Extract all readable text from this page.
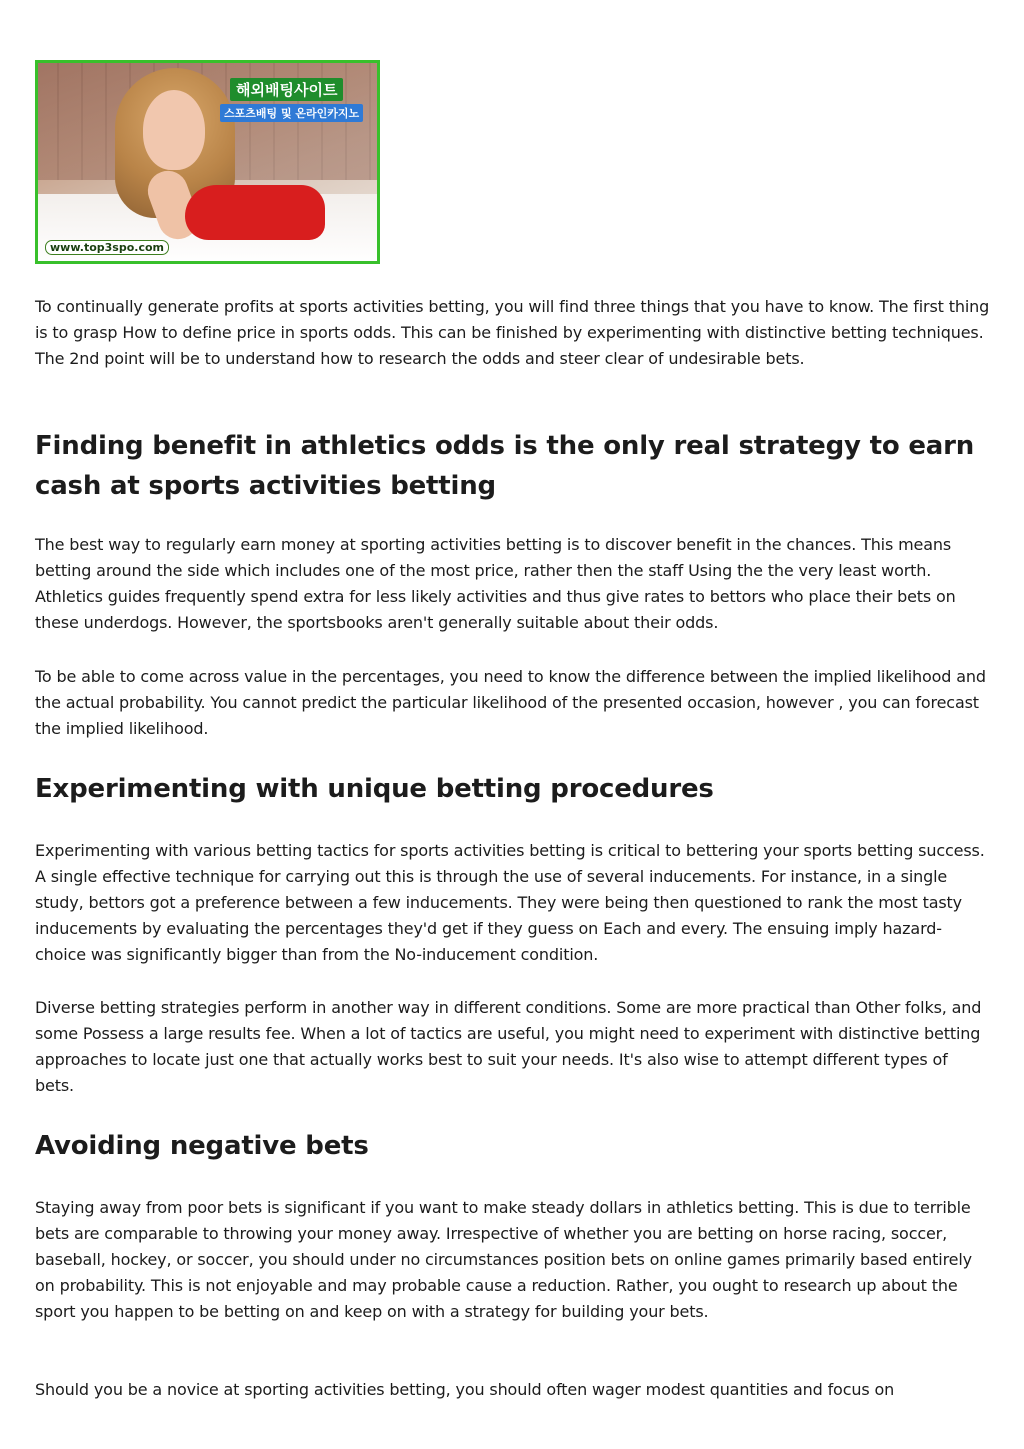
해외배팅사이트
스포츠배팅 및 온라인카지노
www.top3spo.com

To continually generate profits at sports activities betting, you will find three things that you have to know. The first thing is to grasp How to define price in sports odds. This can be finished by experimenting with distinctive betting techniques. The 2nd point will be to understand how to research the odds and steer clear of undesirable bets.

Finding benefit in athletics odds is the only real strategy to earn cash at sports activities betting

The best way to regularly earn money at sporting activities betting is to discover benefit in the chances. This means betting around the side which includes one of the most price, rather then the staff Using the the very least worth. Athletics guides frequently spend extra for less likely activities and thus give rates to bettors who place their bets on these underdogs. However, the sportsbooks aren't generally suitable about their odds.

To be able to come across value in the percentages, you need to know the difference between the implied likelihood and the actual probability. You cannot predict the particular likelihood of the presented occasion, however , you can forecast the implied likelihood.

Experimenting with unique betting procedures

Experimenting with various betting tactics for sports activities betting is critical to bettering your sports betting success. A single effective technique for carrying out this is through the use of several inducements. For instance, in a single study, bettors got a preference between a few inducements. They were being then questioned to rank the most tasty inducements by evaluating the percentages they'd get if they guess on Each and every. The ensuing imply hazard-choice was significantly bigger than from the No-inducement condition.

Diverse betting strategies perform in another way in different conditions. Some are more practical than Other folks, and some Possess a large results fee. When a lot of tactics are useful, you might need to experiment with distinctive betting approaches to locate just one that actually works best to suit your needs. It's also wise to attempt different types of bets.

Avoiding negative bets

Staying away from poor bets is significant if you want to make steady dollars in athletics betting. This is due to terrible bets are comparable to throwing your money away. Irrespective of whether you are betting on horse racing, soccer, baseball, hockey, or soccer, you should under no circumstances position bets on online games primarily based entirely on probability. This is not enjoyable and may probable cause a reduction. Rather, you ought to research up about the sport you happen to be betting on and keep on with a strategy for building your bets.

Should you be a novice at sporting activities betting, you should often wager modest quantities and focus on
